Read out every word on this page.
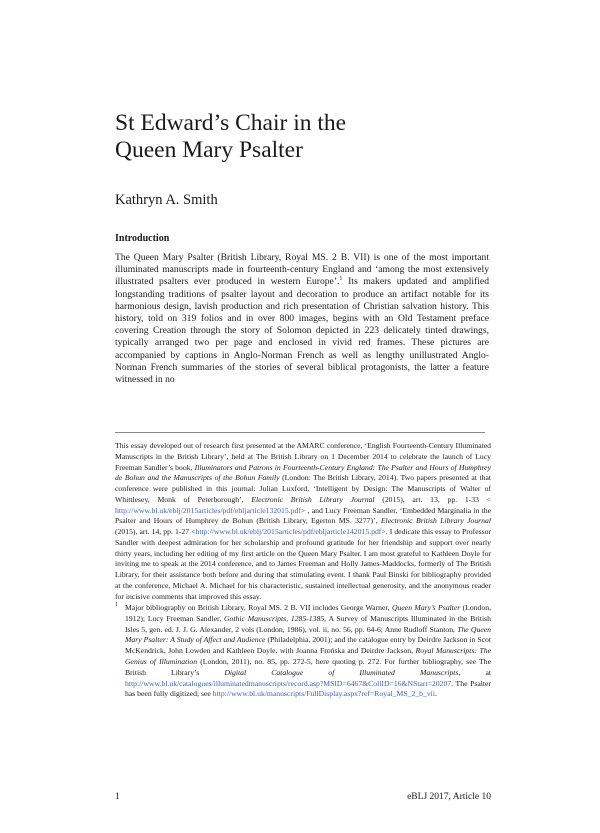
St Edward’s Chair in the
Queen Mary Psalter
Kathryn A. Smith
Introduction

The Queen Mary Psalter (British Library, Royal MS. 2 B. VII) is one of the most important illuminated manuscripts made in fourteenth-century England and ‘among the most extensively illustrated psalters ever produced in western Europe’.$^1$ Its makers updated and amplified longstanding traditions of psalter layout and decoration to produce an artifact notable for its harmonious design, lavish production and rich presentation of Christian salvation history. This history, told on 319 folios and in over 800 images, begins with an Old Testament preface covering Creation through the story of Solomon depicted in 223 delicately tinted drawings, typically arranged two per page and enclosed in vivid red frames. These pictures are accompanied by captions in Anglo-Norman French as well as lengthy unillustrated Anglo-Norman French summaries of the stories of several biblical protagonists, the latter a feature witnessed in no

This essay developed out of research first presented at the AMARC conference, ‘English Fourteenth-Century Illuminated Manuscripts in the British Library’, held at The British Library on 1 December 2014 to celebrate the launch of Lucy Freeman Sandler’s book, Illuminators and Patrons in Fourteenth-Century England: The Psalter and Hours of Humphrey de Bohun and the Manuscripts of the Bohun Family (London: The British Library, 2014). Two papers presented at that conference were published in this journal: Julian Luxford, ‘Intelligent by Design: The Manuscripts of Walter of Whittlesey, Monk of Peterborough’, Electronic British Library Journal (2015), art. 13, pp. 1-33 < http://www.bl.uk/eblj/2015articles/pdf/ebljarticle132015.pdf> , and Lucy Freeman Sandler, ‘Embedded Marginalia in the Psalter and Hours of Humphrey de Bohun (British Library, Egerton MS. 3277)’, Electronic British Library Journal (2015), art. 14, pp. 1-27 <http://www.bl.uk/eblj/2015articles/pdf/ebljarticle142015.pdf>. I dedicate this essay to Professor Sandler with deepest admiration for her scholarship and profound gratitude for her friendship and support over nearly thirty years, including her editing of my first article on the Queen Mary Psalter. I am most grateful to Kathleen Doyle for inviting me to speak at the 2014 conference, and to James Freeman and Holly James-Maddocks, formerly of The British Library, for their assistance both before and during that stimulating event. I thank Paul Binski for bibliography provided at the conference, Michael A. Michael for his characteristic, sustained intellectual generosity, and the anonymous reader for incisive comments that improved this essay.

1 Major bibliography on British Library, Royal MS. 2 B. VII includes George Warner, Queen Mary’s Psalter (London, 1912); Lucy Freeman Sandler, Gothic Manuscripts, 1285-1385, A Survey of Manuscripts Illuminated in the British Isles 5, gen. ed. J. J. G. Alexander, 2 vols (London, 1986), vol. ii, no. 56, pp. 64-6; Anne Rudloff Stanton, The Queen Mary Psalter: A Study of Affect and Audience (Philadelphia, 2001); and the catalogue entry by Deirdre Jackson in Scot McKendrick, John Lowden and Kathleen Doyle, with Joanna Frońska and Deirdre Jackson, Royal Manuscripts: The Genius of Illumination (London, 2011), no. 85, pp. 272-5, here quoting p. 272. For further bibliography, see The British Library’s Digital Catalogue of Illuminated Manuscripts, at http://www.bl.uk/catalogues/illuminatedmanuscripts/record.asp?MSID=6467&CollID=16&NStart=20207. The Psalter has been fully digitized; see http://www.bl.uk/manuscripts/FullDisplay.aspx?ref=Royal_MS_2_b_vii.

1	eBLJ 2017, Article 10
